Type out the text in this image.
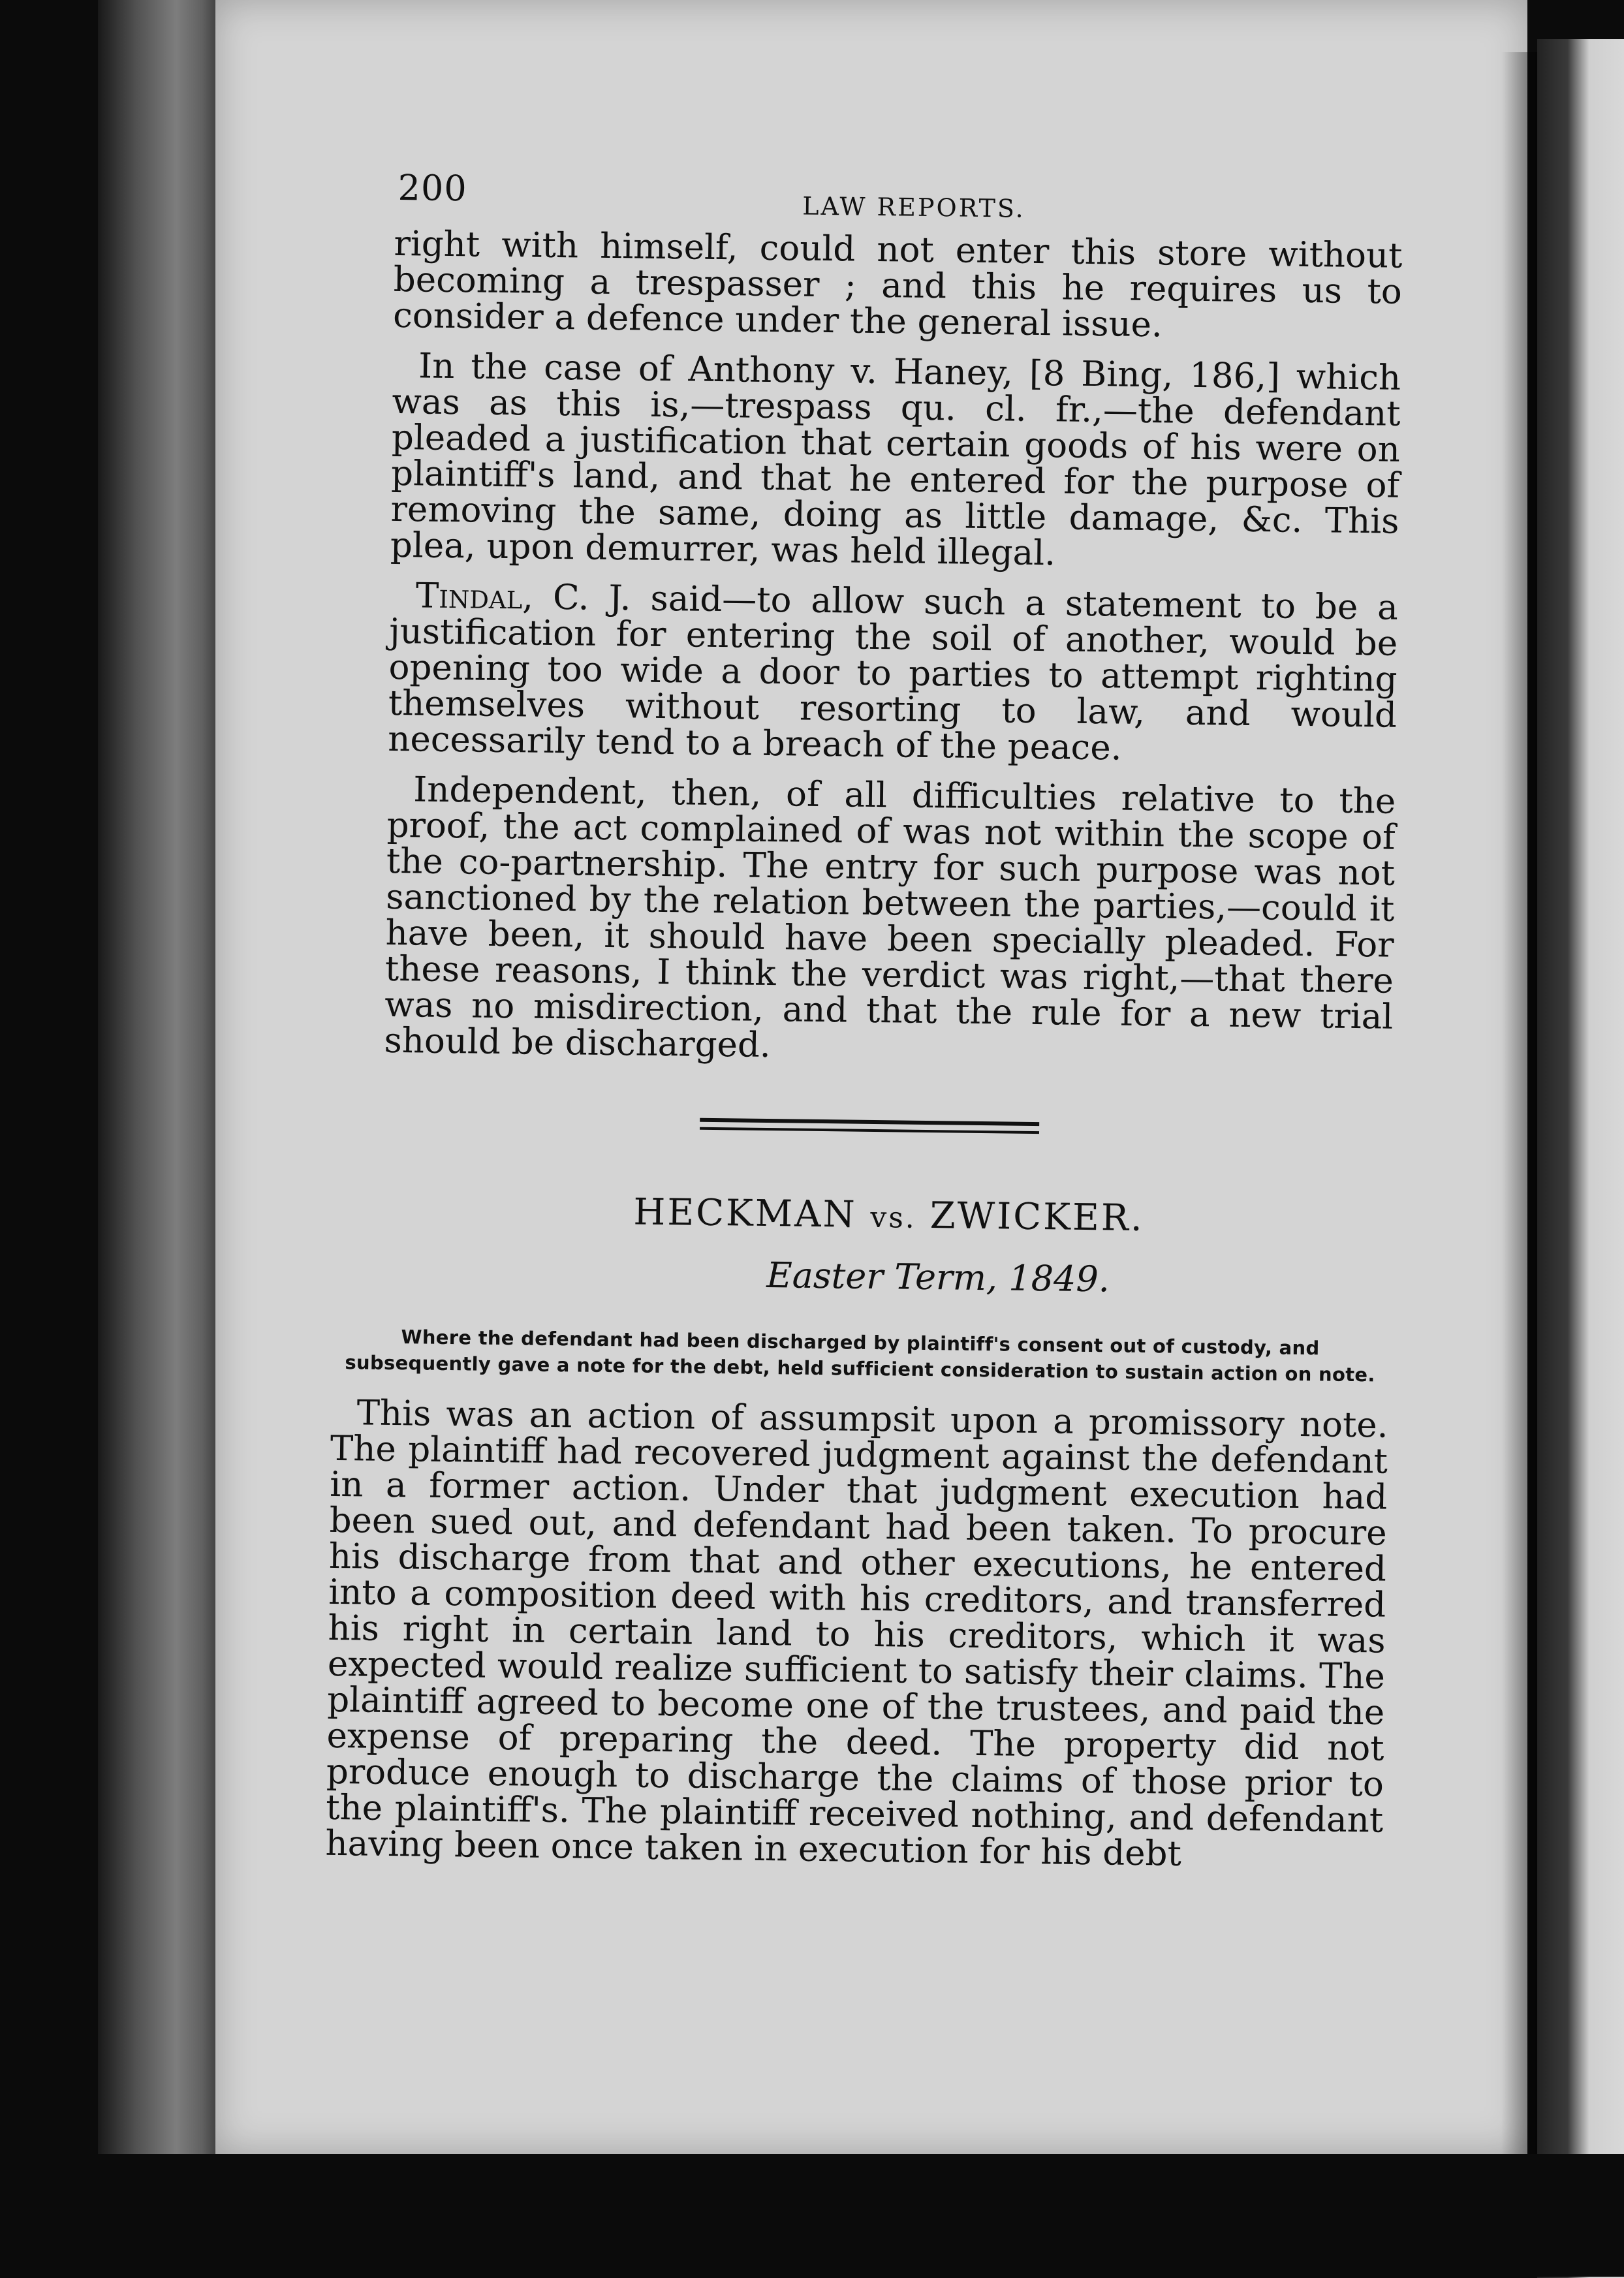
200	LAW REPORTS.

right with himself, could not enter this store without becoming a trespasser ; and this he requires us to consider a defence under the general issue.

In the case of Anthony v. Haney, [8 Bing, 186,] which was as this is,—trespass qu. cl. fr.,—the defendant pleaded a justification that certain goods of his were on plaintiff's land, and that he entered for the purpose of removing the same, doing as little damage, &c. This plea, upon demurrer, was held illegal.

Tindal, C. J. said—to allow such a statement to be a justification for entering the soil of another, would be opening too wide a door to parties to attempt righting themselves without resorting to law, and would necessarily tend to a breach of the peace.

Independent, then, of all difficulties relative to the proof, the act complained of was not within the scope of the co-partnership. The entry for such purpose was not sanctioned by the relation between the parties,—could it have been, it should have been specially pleaded. For these reasons, I think the verdict was right,—that there was no misdirection, and that the rule for a new trial should be discharged.

HECKMAN vs. ZWICKER.
Easter Term, 1849.
Where the defendant had been discharged by plaintiff's consent out of custody, and subsequently gave a note for the debt, held sufficient consideration to sustain action on note.

This was an action of assumpsit upon a promissory note. The plaintiff had recovered judgment against the defendant in a former action. Under that judgment execution had been sued out, and defendant had been taken. To procure his discharge from that and other executions, he entered into a composition deed with his creditors, and transferred his right in certain land to his creditors, which it was expected would realize sufficient to satisfy their claims. The plaintiff agreed to become one of the trustees, and paid the expense of preparing the deed. The property did not produce enough to discharge the claims of those prior to the plaintiff's. The plaintiff received nothing, and defendant having been once taken in execution for his debt
